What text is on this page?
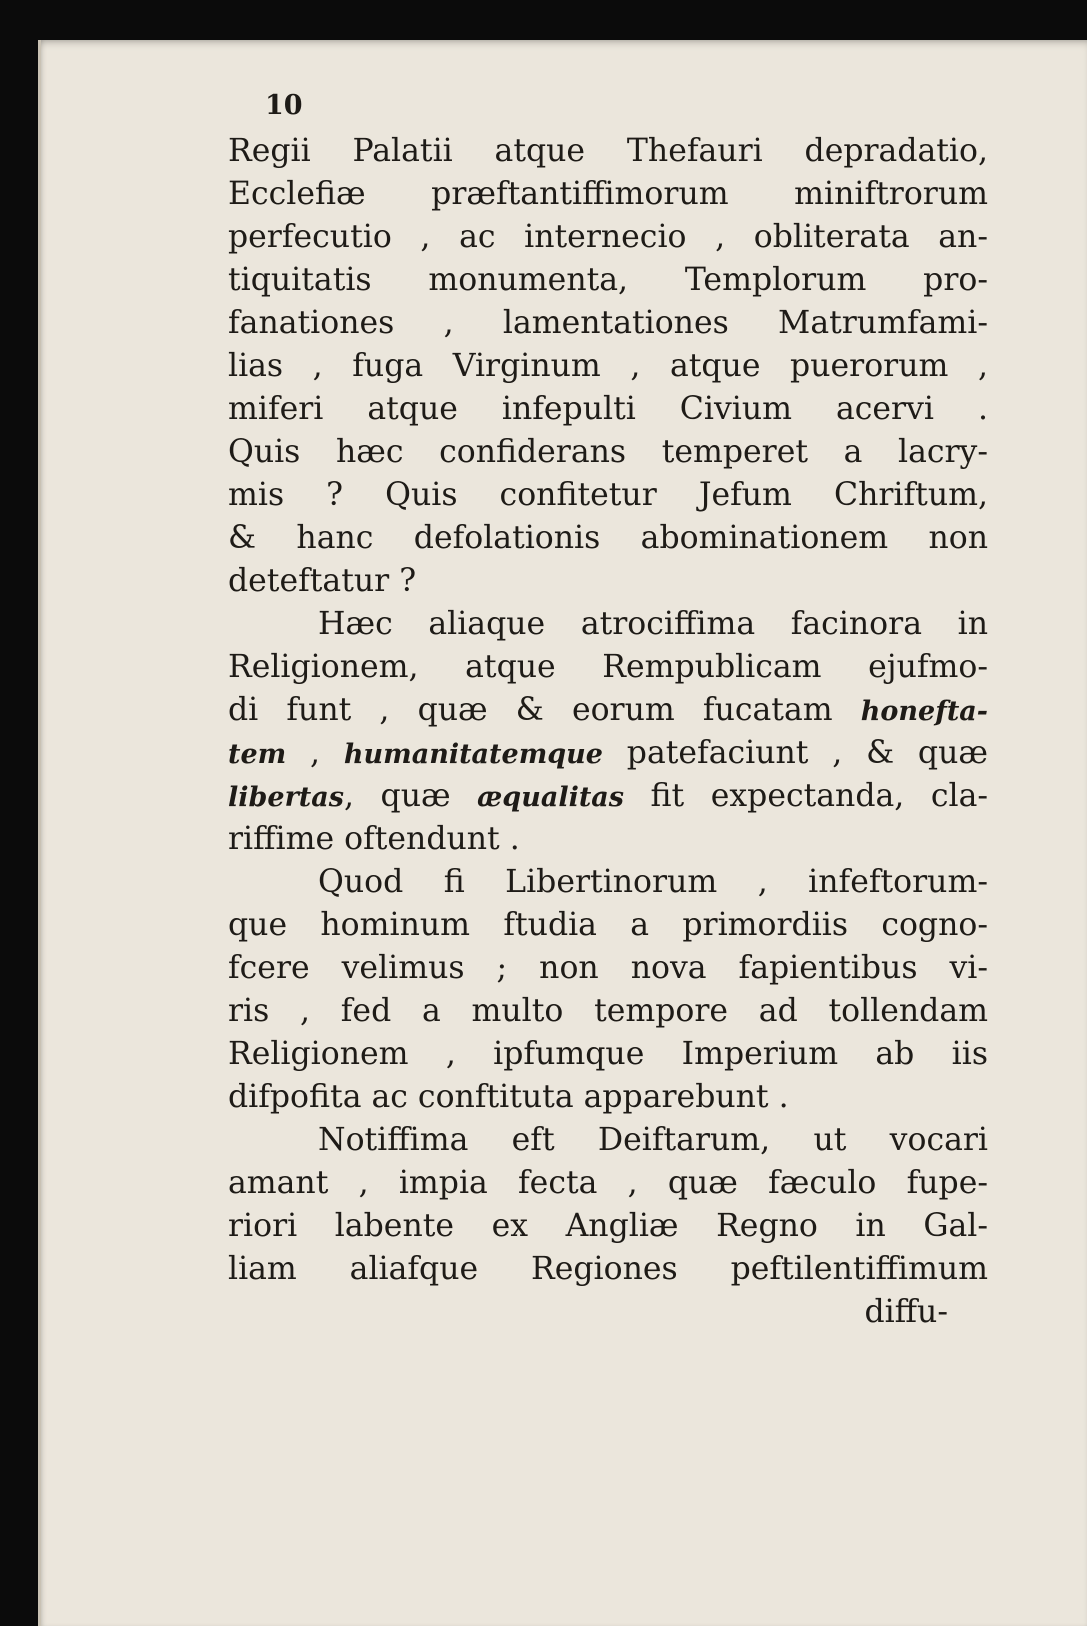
10
Regii Palatii atque Thefauri depradatio,
Ecclefiæ præftantiffimorum miniftrorum
perfecutio , ac internecio , obliterata an-
tiquitatis monumenta, Templorum pro-
fanationes , lamentationes Matrumfami-
lias , fuga Virginum , atque puerorum ,
miferi atque infepulti Civium acervi .
Quis hæc confiderans temperet a lacry-
mis ? Quis confitetur Jefum Chriftum,
& hanc defolationis abominationem non
deteftatur ?
Hæc aliaque atrociffima facinora in
Religionem, atque Rempublicam ejufmo-
di funt , quæ & eorum fucatam honefta-
tem , humanitatemque patefaciunt , & quæ
libertas, quæ æqualitas fit expectanda, cla-
riffime oftendunt .
Quod fi Libertinorum , infeftorum-
que hominum ftudia a primordiis cogno-
fcere velimus ; non nova fapientibus vi-
ris , fed a multo tempore ad tollendam
Religionem , ipfumque Imperium ab iis
difpofita ac conftituta apparebunt .
Notiffima eft Deiftarum, ut vocari
amant , impia fecta , quæ fæculo fupe-
riori labente ex Angliæ Regno in Gal-
liam aliafque Regiones peftilentiffimum
diffu-
